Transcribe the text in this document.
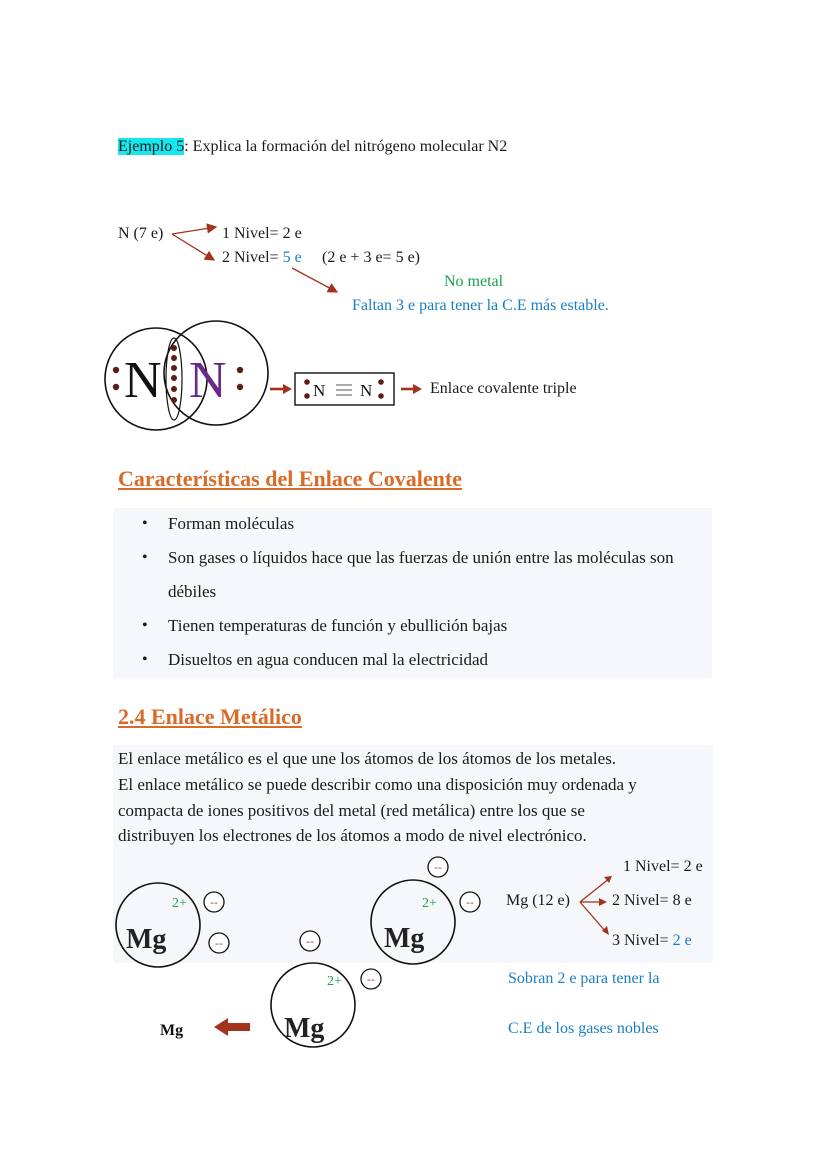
Ejemplo 5: Explica la formación del nitrógeno molecular N2
N (7 e)	1 Nivel= 2 e
2 Nivel= 5 e (2 e + 3 e= 5 e)
No metal
Faltan 3 e para tener la C.E más estable.
N N	N N	Enlace covalente triple
Características del Enlace Covalente
• Forman moléculas
• Son gases o líquidos hace que las fuerzas de unión entre las moléculas son débiles
• Tienen temperaturas de función y ebullición bajas
• Disueltos en agua conducen mal la electricidad
2.4 Enlace Metálico
El enlace metálico es el que une los átomos de los átomos de los metales.
El enlace metálico se puede describir como una disposición muy ordenada y
compacta de iones positivos del metal (red metálica) entre los que se
distribuyen los electrones de los átomos a modo de nivel electrónico.
Mg
2+
Mg
2+
Mg
2+
--
--	--
--
--
--
Mg
Mg (12 e)
1 Nivel= 2 e
2 Nivel= 8 e
3 Nivel= 2 e
Sobran 2 e para tener la
C.E de los gases nobles
